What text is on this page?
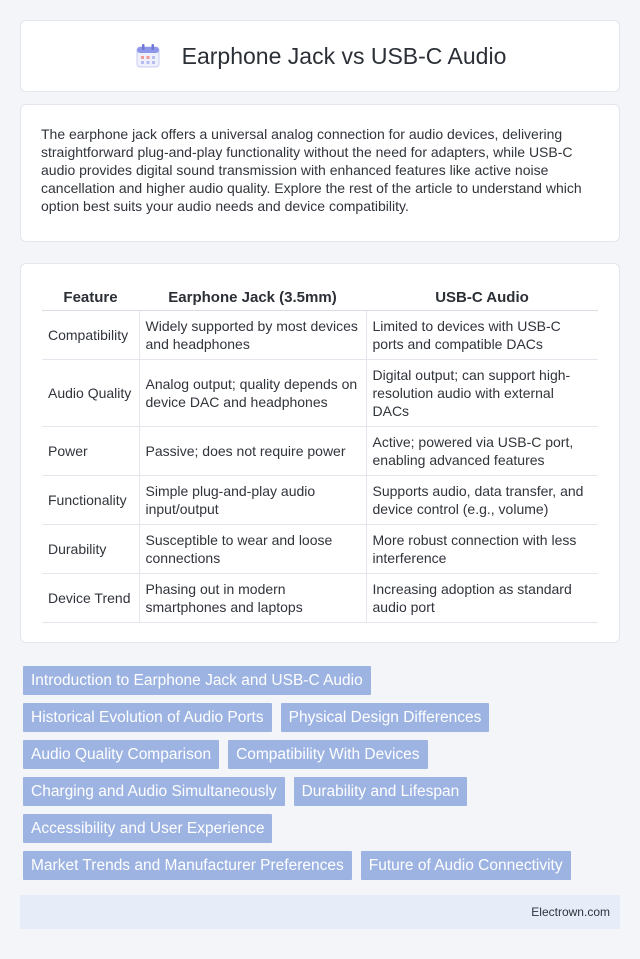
Earphone Jack vs USB-C Audio

The earphone jack offers a universal analog connection for audio devices, delivering straightforward plug-and-play functionality without the need for adapters, while USB-C audio provides digital sound transmission with enhanced features like active noise cancellation and higher audio quality. Explore the rest of the article to understand which option best suits your audio needs and device compatibility.

Feature	Earphone Jack (3.5mm)	USB-C Audio
Compatibility	Widely supported by most devices and headphones	Limited to devices with USB-C ports and compatible DACs
Audio Quality	Analog output; quality depends on device DAC and headphones	Digital output; can support high-resolution audio with external DACs
Power	Passive; does not require power	Active; powered via USB-C port, enabling advanced features
Functionality	Simple plug-and-play audio input/output	Supports audio, data transfer, and device control (e.g., volume)
Durability	Susceptible to wear and loose connections	More robust connection with less interference
Device Trend	Phasing out in modern smartphones and laptops	Increasing adoption as standard audio port
Introduction to Earphone Jack and USB-C Audio
Historical Evolution of Audio Ports	Physical Design Differences
Audio Quality Comparison	Compatibility With Devices
Charging and Audio Simultaneously	Durability and Lifespan
Accessibility and User Experience
Market Trends and Manufacturer Preferences	Future of Audio Connectivity
Electrown.com
